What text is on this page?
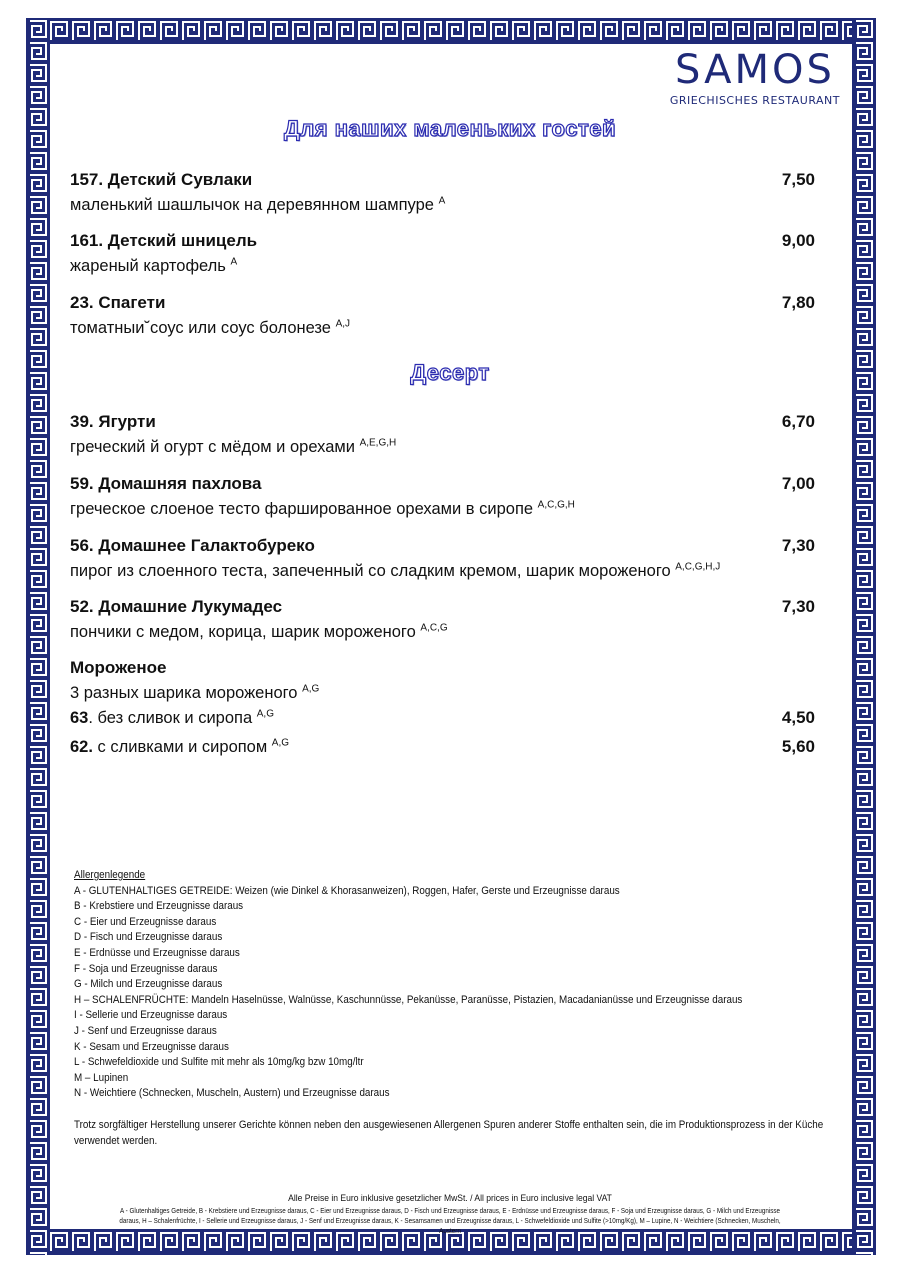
SAMOS
GRIECHISCHES RESTAURANT
Для наших маленьких гостей
157. Детский Сувлаки	7,50
маленький шашлычок на деревянном шампуре $^A$
161. Детский шницель	9,00
жареный картофель $^A$
23. Спагети	7,80
томатныи˘соус или соус болонезе $^{A,J}$
Десерт
39. Ягурти	6,70
греческий й огурт с мёдом и орехами $^{A,E,G,H}$
59. Домашняя пахлова	7,00
греческое слоеное тесто фаршированное орехами в сиропе $^{A,C,G,H}$
56. Домашнее Галактобуреко	7,30
пирог из слоенного теста, запеченный со сладким кремом, шарик мороженого $^{A,C,G,H,J}$
52. Домашние Лукумадес	7,30
пончики с медом, корица, шарик мороженого $^{A,C,G}$
Мороженое
3 разных шарика мороженого $^{A,G}$
63. без сливок и сиропа $^{A,G}$	4,50
62. с сливками и сиропом $^{A,G}$	5,60
Allergenlegende
A - GLUTENHALTIGES GETREIDE: Weizen (wie Dinkel & Khorasanweizen), Roggen, Hafer, Gerste und Erzeugnisse daraus
B - Krebstiere und Erzeugnisse daraus
C - Eier und Erzeugnisse daraus
D - Fisch und Erzeugnisse daraus
E - Erdnüsse und Erzeugnisse daraus
F - Soja und Erzeugnisse daraus
G - Milch und Erzeugnisse daraus
H – SCHALENFRÜCHTE: Mandeln Haselnüsse, Walnüsse, Kaschunnüsse, Pekanüsse, Paranüsse, Pistazien, Macadanianüsse und Erzeugnisse daraus
I - Sellerie und Erzeugnisse daraus
J - Senf und Erzeugnisse daraus
K - Sesam und Erzeugnisse daraus
L - Schwefeldioxide und Sulfite mit mehr als 10mg/kg bzw 10mg/ltr
M – Lupinen
N - Weichtiere (Schnecken, Muscheln, Austern) und Erzeugnisse daraus
Trotz sorgfältiger Herstellung unserer Gerichte können neben den ausgewiesenen Allergenen Spuren anderer Stoffe enthalten sein, die im Produktionsprozess in der Küche verwendet werden.
Alle Preise in Euro inklusive gesetzlicher MwSt. / All prices in Euro inclusive legal VAT
A - Glutenhaltiges Getreide, B - Krebstiere und Erzeugnisse daraus, C - Eier und Erzeugnisse daraus, D - Fisch und Erzeugnisse daraus, E - Erdnüsse und Erzeugnisse daraus, F - Soja und Erzeugnisse daraus, G - Milch und Erzeugnisse daraus, H – Schalenfrüchte, I - Sellerie und Erzeugnisse daraus, J - Senf und Erzeugnisse daraus, K - Sesamsamen und Erzeugnisse daraus, L - Schwefeldioxide und Sulfite (>10mg/Kg), M – Lupine, N - Weichtiere (Schnecken, Muscheln, Austern
